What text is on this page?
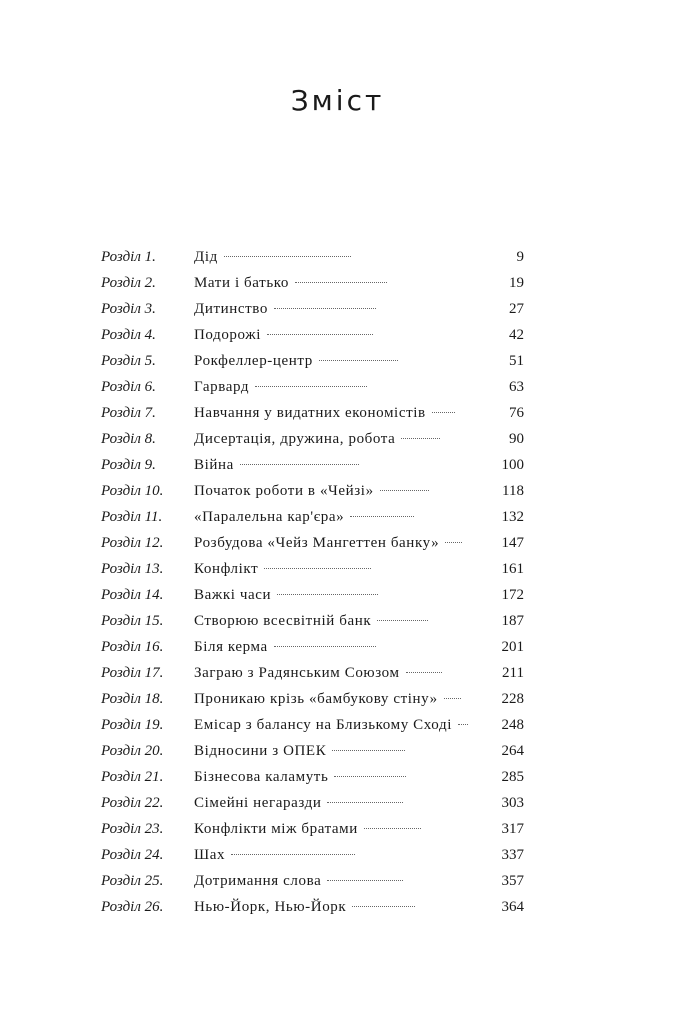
Зміст
Розділ 1.	Дід	9
Розділ 2.	Мати і батько	19
Розділ 3.	Дитинство	27
Розділ 4.	Подорожі	42
Розділ 5.	Рокфеллер-центр	51
Розділ 6.	Гарвард	63
Розділ 7.	Навчання у видатних економістів	76
Розділ 8.	Дисертація, дружина, робота	90
Розділ 9.	Війна	100
Розділ 10.	Початок роботи в «Чейзі»	118
Розділ 11.	«Паралельна кар'єра»	132
Розділ 12.	Розбудова «Чейз Мангеттен банку»	147
Розділ 13.	Конфлікт	161
Розділ 14.	Важкі часи	172
Розділ 15.	Створюю всесвітній банк	187
Розділ 16.	Біля керма	201
Розділ 17.	Заграю з Радянським Союзом	211
Розділ 18.	Проникаю крізь «бамбукову стіну»	228
Розділ 19.	Емісар з балансу на Близькому Сході	248
Розділ 20.	Відносини з ОПЕК	264
Розділ 21.	Бізнесова каламуть	285
Розділ 22.	Сімейні негаразди	303
Розділ 23.	Конфлікти між братами	317
Розділ 24.	Шах	337
Розділ 25.	Дотримання слова	357
Розділ 26.	Нью-Йорк, Нью-Йорк	364
